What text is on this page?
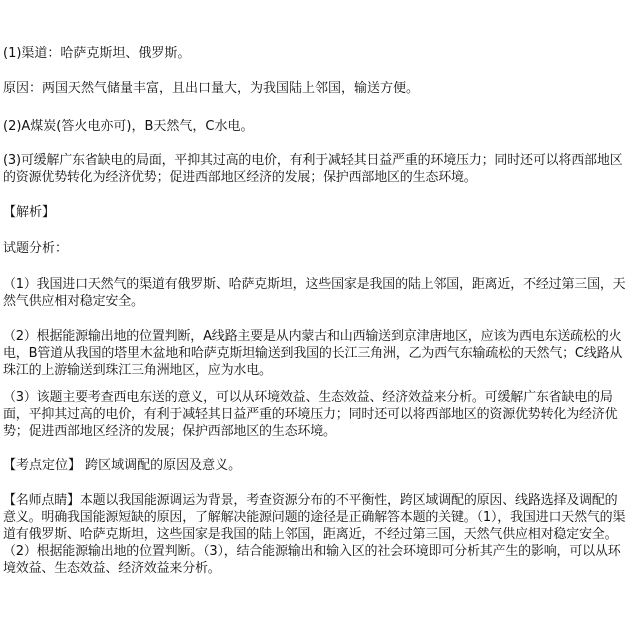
(1)渠道：哈萨克斯坦、俄罗斯。

原因：两国天然气储量丰富，且出口量大，为我国陆上邻国，输送方便。

(2)A煤炭(答火电亦可)，B天然气，C水电。

(3)可缓解广东省缺电的局面，平抑其过高的电价，有利于减轻其日益严重的环境压力；同时还可以将西部地区的资源优势转化为经济优势；促进西部地区经济的发展；保护西部地区的生态环境。

【解析】

试题分析：

（1）我国进口天然气的渠道有俄罗斯、哈萨克斯坦，这些国家是我国的陆上邻国，距离近，不经过第三国，天然气供应相对稳定安全。

（2）根据能源输出地的位置判断，A线路主要是从内蒙古和山西输送到京津唐地区，应该为西电东送疏松的火电，B管道从我国的塔里木盆地和哈萨克斯坦输送到我国的长江三角洲，乙为西气东输疏松的天然气；C线路从珠江的上游输送到珠江三角洲地区，应为水电。

（3）该题主要考查西电东送的意义，可以从环境效益、生态效益、经济效益来分析。可缓解广东省缺电的局面，平抑其过高的电价，有利于减轻其日益严重的环境压力；同时还可以将西部地区的资源优势转化为经济优势；促进西部地区经济的发展；保护西部地区的生态环境。

【考点定位】 跨区域调配的原因及意义。

【名师点睛】本题以我国能源调运为背景，考查资源分布的不平衡性，跨区域调配的原因、线路选择及调配的意义。明确我国能源短缺的原因，了解解决能源问题的途径是正确解答本题的关键。（1），我国进口天然气的渠道有俄罗斯、哈萨克斯坦，这些国家是我国的陆上邻国，距离近，不经过第三国，天然气供应相对稳定安全。（2）根据能源输出地的位置判断。（3），结合能源输出和输入区的社会环境即可分析其产生的影响，可以从环境效益、生态效益、经济效益来分析。
